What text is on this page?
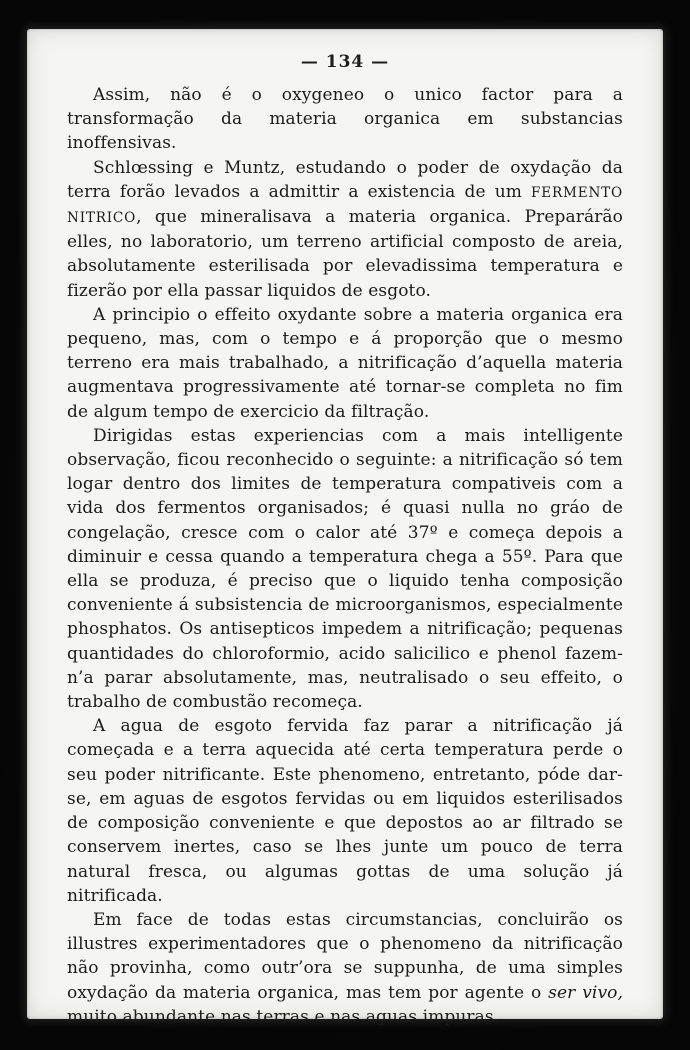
— 134 —

Assim, não é o oxygeneo o unico factor para a transformação da materia organica em substancias inoffensivas.

Schlœssing e Muntz, estudando o poder de oxydação da terra forão levados a admittir a existencia de um FERMENTO NITRICO, que mineralisava a materia organica. Preparárão elles, no laboratorio, um terreno artificial composto de areia, absolutamente esterilisada por elevadissima temperatura e fizerão por ella passar liquidos de esgoto.

A principio o effeito oxydante sobre a materia organica era pequeno, mas, com o tempo e á proporção que o mesmo terreno era mais trabalhado, a nitrificação d’aquella materia augmentava progressivamente até tornar-se completa no fim de algum tempo de exercicio da filtração.

Dirigidas estas experiencias com a mais intelligente observação, ficou reconhecido o seguinte: a nitrificação só tem logar dentro dos limites de temperatura compativeis com a vida dos fermentos organisados; é quasi nulla no gráo de congelação, cresce com o calor até 37º e começa depois a diminuir e cessa quando a temperatura chega a 55º. Para que ella se produza, é preciso que o liquido tenha composição conveniente á subsistencia de microorganismos, especialmente phosphatos. Os antisepticos impedem a nitrificação; pequenas quantidades do chloroformio, acido salicilico e phenol fazem-n’a parar absolutamente, mas, neutralisado o seu effeito, o trabalho de combustão recomeça.

A agua de esgoto fervida faz parar a nitrificação já começada e a terra aquecida até certa temperatura perde o seu poder nitrificante. Este phenomeno, entretanto, póde dar-se, em aguas de esgotos fervidas ou em liquidos esterilisados de composição conveniente e que depostos ao ar filtrado se conservem inertes, caso se lhes junte um pouco de terra natural fresca, ou algumas gottas de uma solução já nitrificada.

Em face de todas estas circumstancias, concluirão os illustres experimentadores que o phenomeno da nitrificação não provinha, como outr’ora se suppunha, de uma simples oxydação da materia organica, mas tem por agente o ser vivo, muito abundante nas terras e nas aguas impuras.
